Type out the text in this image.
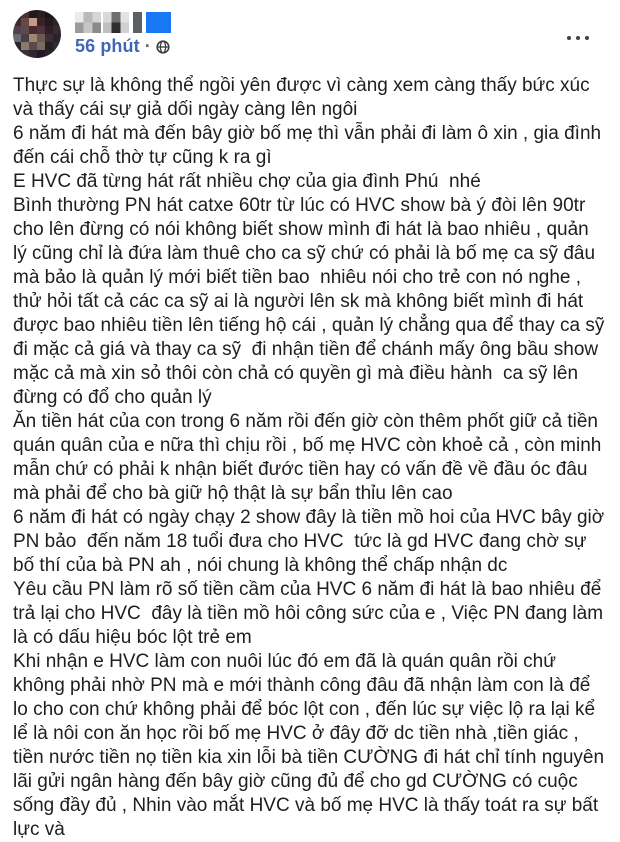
56 phút ·
Thực sự là không thể ngồi yên được vì càng xem càng thấy bức xúc và thấy cái sự giả dối ngày càng lên ngôi
6 năm đi hát mà đến bây giờ bố mẹ thì vẫn phải đi làm ô xin , gia đình đến cái chỗ thờ tự cũng k ra gì
E HVC đã từng hát rất nhiều chợ của gia đình Phú  nhé
Bình thường PN hát catxe 60tr từ lúc có HVC show bà ý đòi lên 90tr cho lên đừng có nói không biết show mình đi hát là bao nhiêu , quản lý cũng chỉ là đứa làm thuê cho ca sỹ chứ có phải là bố mẹ ca sỹ đâu mà bảo là quản lý mới biết tiền bao  nhiêu nói cho trẻ con nó nghe , thử hỏi tất cả các ca sỹ ai là người lên sk mà không biết mình đi hát được bao nhiêu tiền lên tiếng hộ cái , quản lý chẳng qua để thay ca sỹ  đi mặc cả giá và thay ca sỹ  đi nhận tiền để chánh mấy ông bầu show mặc cả mà xin sỏ thôi còn chả có quyền gì mà điều hành  ca sỹ lên đừng có đổ cho quản lý
Ăn tiền hát của con trong 6 năm rồi đến giờ còn thêm phốt giữ cả tiền quán quân của e nữa thì chịu rồi , bố mẹ HVC còn khoẻ cả , còn minh mẫn chứ có phải k nhận biết đước tiền hay có vấn đề về đầu óc đâu mà phải để cho bà giữ hộ thật là sự bẩn thỉu lên cao
6 năm đi hát có ngày chạy 2 show đây là tiền mồ hoi của HVC bây giờ PN bảo  đến năm 18 tuổi đưa cho HVC  tức là gd HVC đang chờ sự bố thí của bà PN ah , nói chung là không thể chấp nhận dc
Yêu cầu PN làm rõ số tiền cầm của HVC 6 năm đi hát là bao nhiêu để trả lại cho HVC  đây là tiền mồ hôi công sức của e , Việc PN đang làm là có dấu hiệu bóc lột trẻ em
Khi nhận e HVC làm con nuôi lúc đó em đã là quán quân rồi chứ không phải nhờ PN mà e mới thành công đâu đã nhận làm con là để lo cho con chứ không phải để bóc lột con , đến lúc sự việc lộ ra lại kể lể là nôi con ăn học rồi bố mẹ HVC ở đây đỡ dc tiền nhà ,tiền giác , tiền nước tiền nọ tiền kia xin lỗi bà tiền CƯỜNG đi hát chỉ tính nguyên lãi gửi ngân hàng đến bây giờ cũng đủ để cho gd CƯỜNG có cuộc sống đầy đủ , Nhin vào mắt HVC và bố mẹ HVC là thấy toát ra sự bất lực và
